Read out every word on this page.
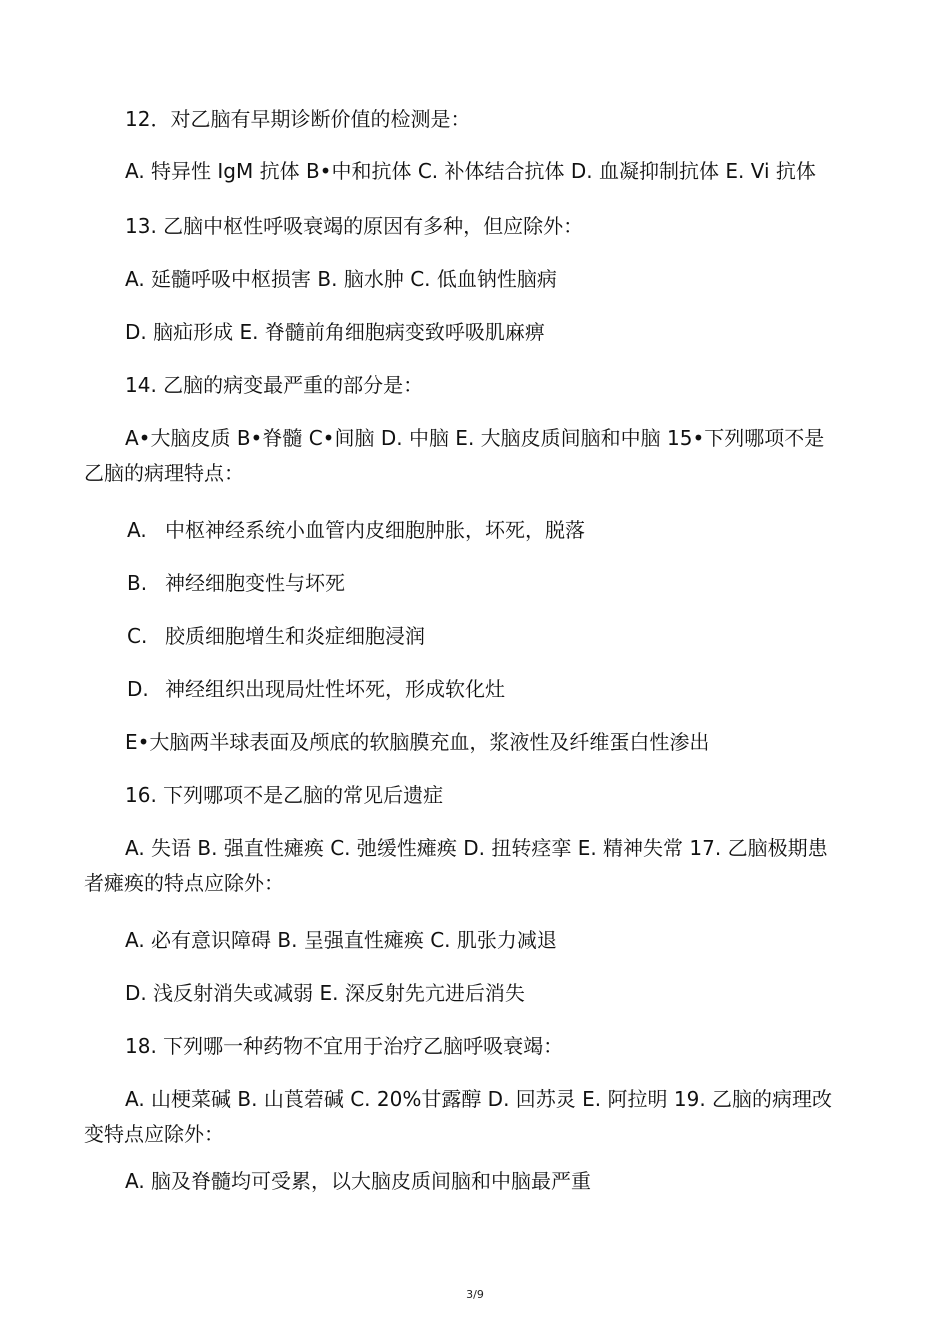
12．对乙脑有早期诊断价值的检测是：
A. 特异性 IgM 抗体 B•中和抗体 C. 补体结合抗体 D. 血凝抑制抗体 E. Vi 抗体
13. 乙脑中枢性呼吸衰竭的原因有多种，但应除外：
A. 延髓呼吸中枢损害 B. 脑水肿 C. 低血钠性脑病
D. 脑疝形成 E. 脊髓前角细胞病变致呼吸肌麻痹
14. 乙脑的病变最严重的部分是：
A•大脑皮质 B•脊髓 C•间脑 D. 中脑 E. 大脑皮质间脑和中脑 15•下列哪项不是
乙脑的病理特点：
A. 中枢神经系统小血管内皮细胞肿胀，坏死，脱落
B. 神经细胞变性与坏死
C. 胶质细胞增生和炎症细胞浸润
D. 神经组织出现局灶性坏死，形成软化灶
E•大脑两半球表面及颅底的软脑膜充血，浆液性及纤维蛋白性渗出
16. 下列哪项不是乙脑的常见后遗症
A. 失语 B. 强直性瘫痪 C. 弛缓性瘫痪 D. 扭转痉挛 E. 精神失常 17. 乙脑极期患
者瘫痪的特点应除外：
A. 必有意识障碍 B. 呈强直性瘫痪 C. 肌张力减退
D. 浅反射消失或减弱 E. 深反射先亢进后消失
18. 下列哪一种药物不宜用于治疗乙脑呼吸衰竭：
A. 山梗菜碱 B. 山莨菪碱 C. 20%甘露醇 D. 回苏灵 E. 阿拉明 19. 乙脑的病理改
变特点应除外：
A. 脑及脊髓均可受累，以大脑皮质间脑和中脑最严重
3/9
